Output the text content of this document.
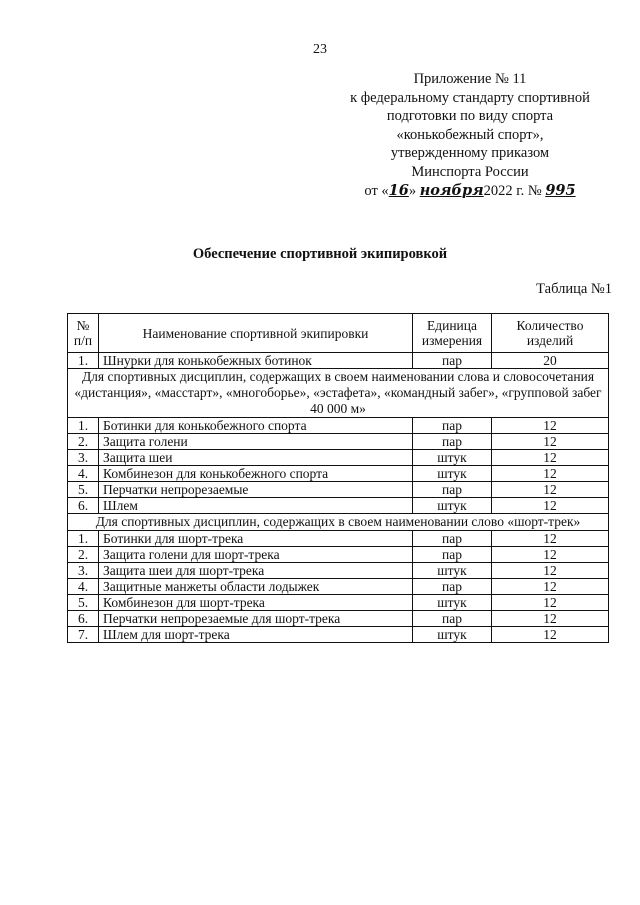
23
Приложение № 11
к федеральному стандарту спортивной
подготовки по виду спорта
«конькобежный спорт»,
утвержденному приказом
Минспорта России
от «16» ноября2022 г. № 995
Обеспечение спортивной экипировкой
Таблица №1
№ п/п	Наименование спортивной экипировки	Единица измерения	Количество изделий
1.	Шнурки для конькобежных ботинок	пар	20
Для спортивных дисциплин, содержащих в своем наименовании слова и словосочетания «дистанция», «масстарт», «многоборье», «эстафета», «командный забег», «групповой забег 40 000 м»			
1.	Ботинки для конькобежного спорта	пар	12
2.	Защита голени	пар	12
3.	Защита шеи	штук	12
4.	Комбинезон для конькобежного спорта	штук	12
5.	Перчатки непрорезаемые	пар	12
6.	Шлем	штук	12
Для спортивных дисциплин, содержащих в своем наименовании слово «шорт-трек»			
1.	Ботинки для шорт-трека	пар	12
2.	Защита голени для шорт-трека	пар	12
3.	Защита шеи для шорт-трека	штук	12
4.	Защитные манжеты области лодыжек	пар	12
5.	Комбинезон для шорт-трека	штук	12
6.	Перчатки непрорезаемые для шорт-трека	пар	12
7.	Шлем для шорт-трека	штук	12
